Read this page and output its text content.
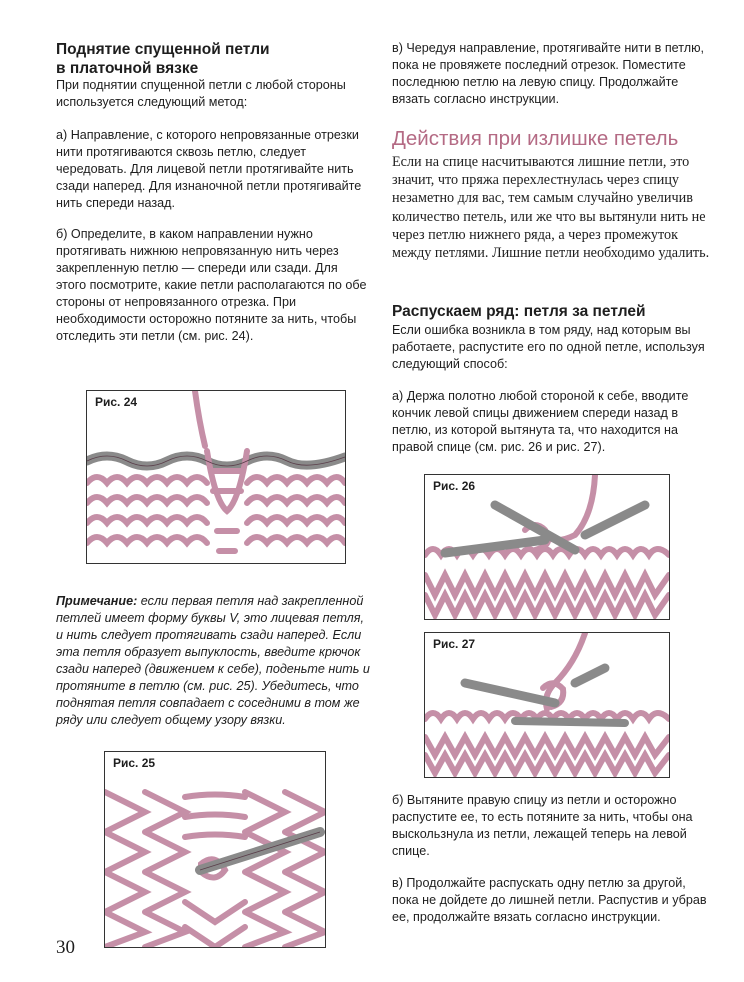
Поднятие спущенной петли
в платочной вязке

При поднятии спущенной петли с любой стороны используется следующий метод:

а) Направление, с которого непровязанные отрезки нити протягиваются сквозь петлю, следует чередовать. Для лицевой петли протягивайте нить сзади наперед. Для изнаночной петли протягивайте нить спереди назад.

б) Определите, в каком направлении нужно протягивать нижнюю непровязанную нить через закрепленную петлю — спереди или сзади. Для этого посмотрите, какие петли располагаются по обе стороны от непровязанного отрезка. При необходимости осторожно потяните за нить, чтобы отследить эти петли (см. рис. 24).

Рис. 24

Примечание: если первая петля над закрепленной петлей имеет форму буквы V, это лицевая петля, и нить следует протягивать сзади наперед. Если эта петля образует выпуклость, введите крючок сзади наперед (движением к себе), поденьте нить и протяните в петлю (см. рис. 25). Убедитесь, что поднятая петля совпадает с соседними в том же ряду или следует общему узору вязки.

Рис. 25
30

в) Чередуя направление, протягивайте нити в петлю, пока не провяжете последний отрезок. Поместите последнюю петлю на левую спицу. Продолжайте вязать согласно инструкции.

Действия при излишке петель

Если на спице насчитываются лишние петли, это значит, что пряжа перехлестнулась через спицу незаметно для вас, тем самым случайно увеличив количество петель, или же что вы вытянули нить не через петлю нижнего ряда, а через промежуток между петлями. Лишние петли необходимо удалить.

Распускаем ряд: петля за петлей

Если ошибка возникла в том ряду, над которым вы работаете, распустите его по одной петле, используя следующий способ:

а) Держа полотно любой стороной к себе, вводите кончик левой спицы движением спереди назад в петлю, из которой вытянута та, что находится на правой спице (см. рис. 26 и рис. 27).

Рис. 26
Рис. 27

б) Вытяните правую спицу из петли и осторожно распустите ее, то есть потяните за нить, чтобы она выскользнула из петли, лежащей теперь на левой спице.

в) Продолжайте распускать одну петлю за другой, пока не дойдете до лишней петли. Распустив и убрав ее, продолжайте вязать согласно инструкции.
